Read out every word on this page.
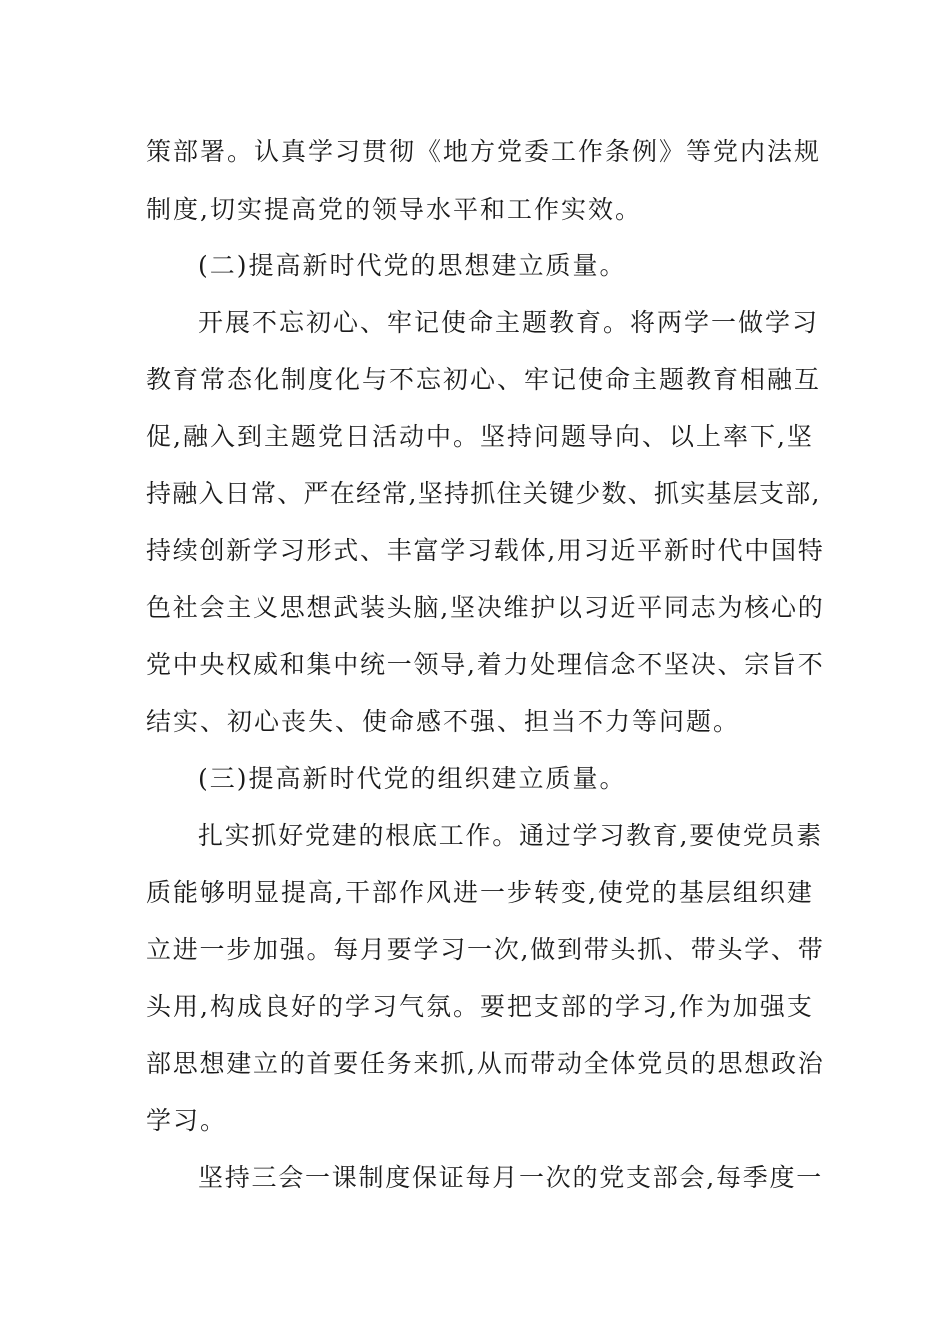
策部署。认真学习贯彻《地方党委工作条例》等党内法规
制度,切实提高党的领导水平和工作实效。
(二)提高新时代党的思想建立质量。
开展不忘初心、牢记使命主题教育。将两学一做学习
教育常态化制度化与不忘初心、牢记使命主题教育相融互
促,融入到主题党日活动中。坚持问题导向、以上率下,坚
持融入日常、严在经常,坚持抓住关键少数、抓实基层支部,
持续创新学习形式、丰富学习载体,用习近平新时代中国特
色社会主义思想武装头脑,坚决维护以习近平同志为核心的
党中央权威和集中统一领导,着力处理信念不坚决、宗旨不
结实、初心丧失、使命感不强、担当不力等问题。
(三)提高新时代党的组织建立质量。
扎实抓好党建的根底工作。通过学习教育,要使党员素
质能够明显提高,干部作风进一步转变,使党的基层组织建
立进一步加强。每月要学习一次,做到带头抓、带头学、带
头用,构成良好的学习气氛。要把支部的学习,作为加强支
部思想建立的首要任务来抓,从而带动全体党员的思想政治
学习。
坚持三会一课制度保证每月一次的党支部会,每季度一
